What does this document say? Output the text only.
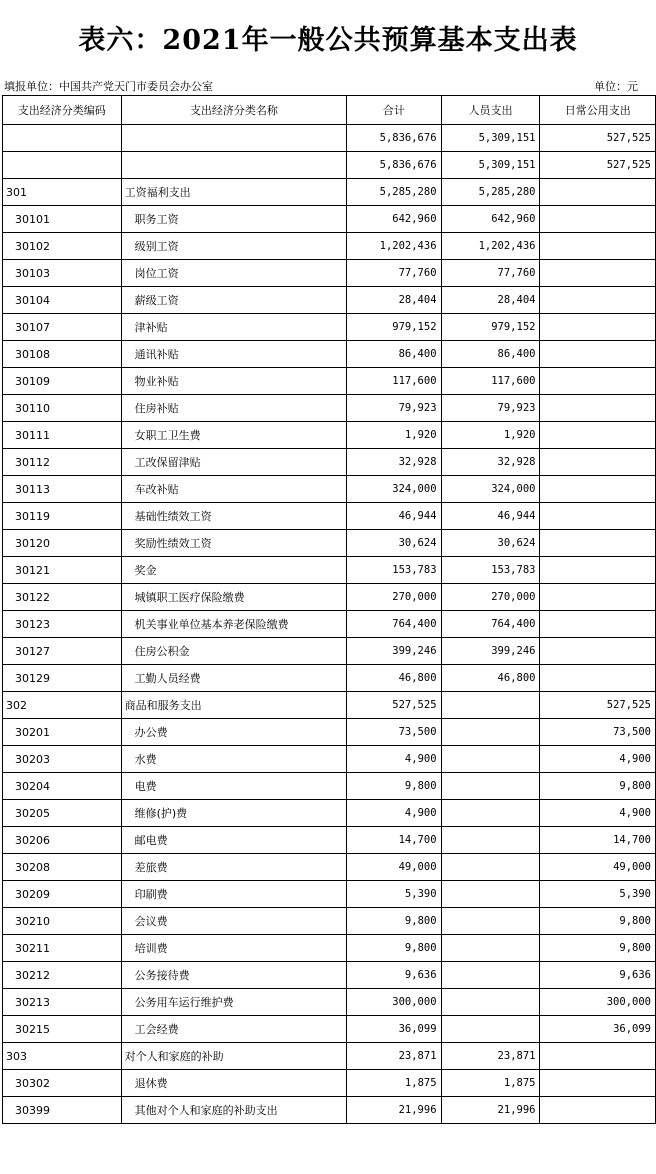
表六：2021年一般公共预算基本支出表
填报单位：中国共产党天门市委员会办公室	单位：元
支出经济分类编码	支出经济分类名称	合计	人员支出	日常公用支出
		5,836,676	5,309,151	527,525
		5,836,676	5,309,151	527,525
301	工资福利支出	5,285,280	5,285,280	
30101	职务工资	642,960	642,960	
30102	级别工资	1,202,436	1,202,436	
30103	岗位工资	77,760	77,760	
30104	薪级工资	28,404	28,404	
30107	津补贴	979,152	979,152	
30108	通讯补贴	86,400	86,400	
30109	物业补贴	117,600	117,600	
30110	住房补贴	79,923	79,923	
30111	女职工卫生费	1,920	1,920	
30112	工改保留津贴	32,928	32,928	
30113	车改补贴	324,000	324,000	
30119	基础性绩效工资	46,944	46,944	
30120	奖励性绩效工资	30,624	30,624	
30121	奖金	153,783	153,783	
30122	城镇职工医疗保险缴费	270,000	270,000	
30123	机关事业单位基本养老保险缴费	764,400	764,400	
30127	住房公积金	399,246	399,246	
30129	工勤人员经费	46,800	46,800	
302	商品和服务支出	527,525		527,525
30201	办公费	73,500		73,500
30203	水费	4,900		4,900
30204	电费	9,800		9,800
30205	维修(护)费	4,900		4,900
30206	邮电费	14,700		14,700
30208	差旅费	49,000		49,000
30209	印刷费	5,390		5,390
30210	会议费	9,800		9,800
30211	培训费	9,800		9,800
30212	公务接待费	9,636		9,636
30213	公务用车运行维护费	300,000		300,000
30215	工会经费	36,099		36,099
303	对个人和家庭的补助	23,871	23,871	
30302	退休费	1,875	1,875	
30399	其他对个人和家庭的补助支出	21,996	21,996	
